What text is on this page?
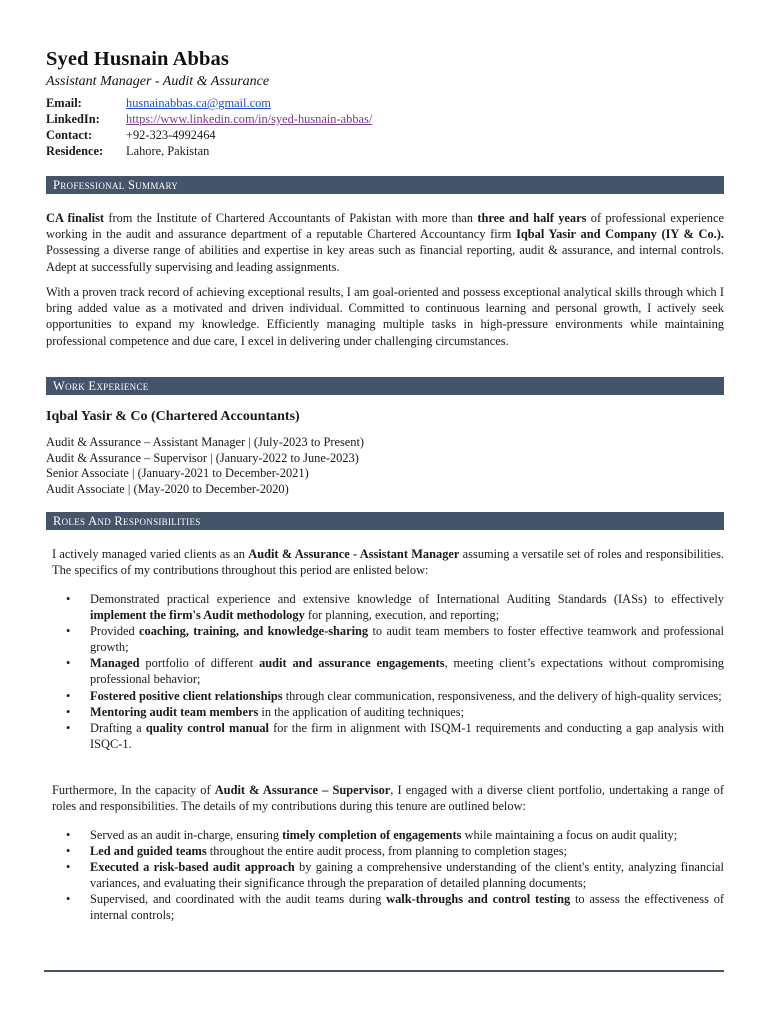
Syed Husnain Abbas
Assistant Manager - Audit & Assurance
Email:	husnainabbas.ca@gmail.com
LinkedIn: https://www.linkedin.com/in/syed-husnain-abbas/
Contact:	+92-323-4992464
Residence: Lahore, Pakistan
Professional Summary
CA finalist from the Institute of Chartered Accountants of Pakistan with more than three and half years of professional experience working in the audit and assurance department of a reputable Chartered Accountancy firm Iqbal Yasir and Company (IY & Co.). Possessing a diverse range of abilities and expertise in key areas such as financial reporting, audit & assurance, and internal controls. Adept at successfully supervising and leading assignments.
With a proven track record of achieving exceptional results, I am goal-oriented and possess exceptional analytical skills through which I bring added value as a motivated and driven individual. Committed to continuous learning and personal growth, I actively seek opportunities to expand my knowledge. Efficiently managing multiple tasks in high-pressure environments while maintaining professional competence and due care, I excel in delivering under challenging circumstances.
Work Experience
Iqbal Yasir & Co (Chartered Accountants)
Audit & Assurance – Assistant Manager | (July-2023 to Present)
Audit & Assurance – Supervisor | (January-2022 to June-2023)
Senior Associate | (January-2021 to December-2021)
Audit Associate | (May-2020 to December-2020)
Roles And Responsibilities
I actively managed varied clients as an Audit & Assurance - Assistant Manager assuming a versatile set of roles and responsibilities. The specifics of my contributions throughout this period are enlisted below:
• Demonstrated practical experience and extensive knowledge of International Auditing Standards (IASs) to effectively implement the firm's Audit methodology for planning, execution, and reporting;
• Provided coaching, training, and knowledge-sharing to audit team members to foster effective teamwork and professional growth;
• Managed portfolio of different audit and assurance engagements, meeting client’s expectations without compromising professional behavior;
• Fostered positive client relationships through clear communication, responsiveness, and the delivery of high-quality services;
• Mentoring audit team members in the application of auditing techniques;
• Drafting a quality control manual for the firm in alignment with ISQM-1 requirements and conducting a gap analysis with ISQC-1.
Furthermore, In the capacity of Audit & Assurance – Supervisor, I engaged with a diverse client portfolio, undertaking a range of roles and responsibilities. The details of my contributions during this tenure are outlined below:
• Served as an audit in-charge, ensuring timely completion of engagements while maintaining a focus on audit quality;
• Led and guided teams throughout the entire audit process, from planning to completion stages;
• Executed a risk-based audit approach by gaining a comprehensive understanding of the client's entity, analyzing financial variances, and evaluating their significance through the preparation of detailed planning documents;
• Supervised, and coordinated with the audit teams during walk-throughs and control testing to assess the effectiveness of internal controls;
